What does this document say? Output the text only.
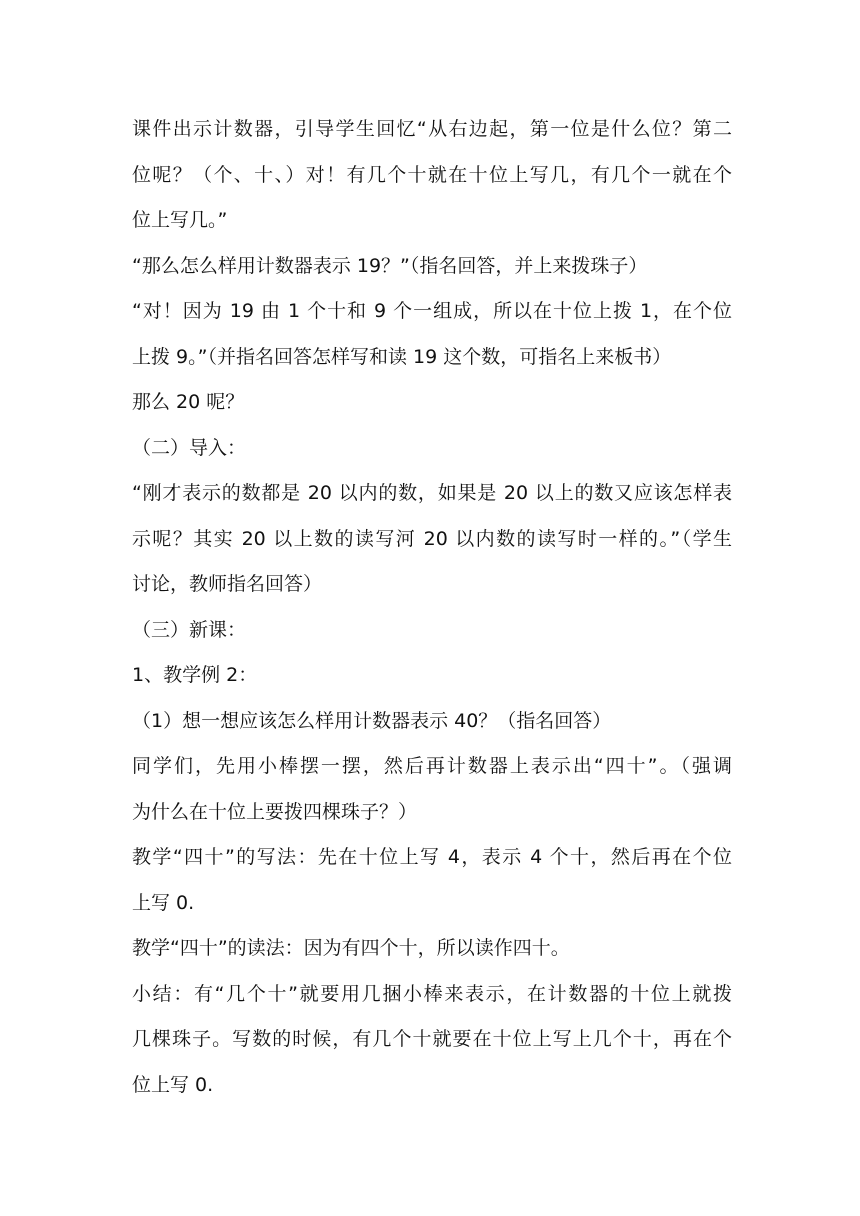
课件出示计数器，引导学生回忆“从右边起，第一位是什么位？第二
位呢？（个、十、）对！有几个十就在十位上写几，有几个一就在个
位上写几。”
“那么怎么样用计数器表示 19？”（指名回答，并上来拨珠子）
“对！因为 19 由 1 个十和 9 个一组成，所以在十位上拨 1，在个位
上拨 9。”（并指名回答怎样写和读 19 这个数，可指名上来板书）
那么 20 呢？
（二）导入：
“刚才表示的数都是 20 以内的数，如果是 20 以上的数又应该怎样表
示呢？其实 20 以上数的读写河 20 以内数的读写时一样的。”（学生
讨论，教师指名回答）
（三）新课：
1、教学例 2：
（1）想一想应该怎么样用计数器表示 40？（指名回答）
同学们，先用小棒摆一摆，然后再计数器上表示出“四十”。（强调
为什么在十位上要拨四棵珠子？）
教学“四十”的写法：先在十位上写 4，表示 4 个十，然后再在个位
上写 0.
教学“四十”的读法：因为有四个十，所以读作四十。
小结：有“几个十”就要用几捆小棒来表示，在计数器的十位上就拨
几棵珠子。写数的时候，有几个十就要在十位上写上几个十，再在个
位上写 0.
